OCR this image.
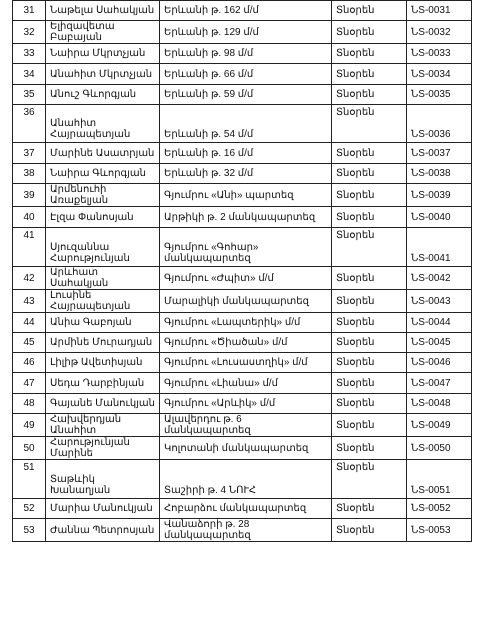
31	Նաթելա Սահակյան	Երևանի թ. 162 մ/մ	Տնօրեն	ՆS-0031

32	Ելիզավետա Բաբայան	Երևանի թ. 129 մ/մ	Տնօրեն	ՆS-0032

33	Նաիրա Մկրտչյան	Երևանի թ. 98 մ/մ	Տնօրեն	ՆS-0033

34	Անահիտ Մկրտչյան	Երևանի թ. 66 մ/մ	Տնօրեն	ՆS-0034

35	Անուշ Գևորգյան	Երևանի թ. 59 մ/մ	Տնօրեն	ՆS-0035

36	Անահիտ Հայրապետյան	Երևանի թ. 54 մ/մ	Տնօրեն	ՆS-0036

37	Մարինե Ասատրյան	Երևանի թ. 16 մ/մ	Տնօրեն	ՆS-0037

38	Նաիրա Գևորգյան	Երևանի թ. 32 մ/մ	Տնօրեն	ՆS-0038

39	Արմենուհի Առաքելյան	Գյումրու «Անի» պարտեզ	Տնօրեն	ՆS-0039

40	Էլզա Փանոսյան	Արթիկի թ. 2 մանկապարտեզ	Տնօրեն	ՆS-0040

41	Սյուզաննա Հարությունյան	Գյումրու «Գոհար» մանկապարտեզ	Տնօրեն	ՆS-0041

42	Արևհատ Սահակյան	Գյումրու «Ժպիտ» մ/մ	Տնօրեն	ՆS-0042

43	Լուսինե Հայրապետյան	Մարալիկի մանկապարտեզ	Տնօրեն	ՆS-0043

44	Անիա Գաբոյան	Գյումրու «Լապտերիկ» մ/մ	Տնօրեն	ՆS-0044

45	Արմինե Մուրադյան	Գյումրու «Ծիածան» մ/մ	Տնօրեն	ՆS-0045

46	Լիլիթ Ավետիսյան	Գյումրու «Լուսաստղիկ» մ/մ	Տնօրեն	ՆS-0046

47	Սեդա Դարբինյան	Գյումրու «Լիանա» մ/մ	Տնօրեն	ՆS-0047

48	Գայանե Մանուկյան	Գյումրու «Արևիկ» մ/մ	Տնօրեն	ՆS-0048

49	Հախվերդյան Անահիտ	Ալավերդու թ. 6 մանկապարտեզ	Տնօրեն	ՆS-0049

50	Հարությունյան Մարինե	Կոլոտանի մանկապարտեզ	Տնօրեն	ՆS-0050

51	Տաթևիկ Խանաղյան	Տաշիրի թ. 4 ՆՈՒՀ	Տնօրեն	ՆS-0051

52	Մարիա Մանուկյան	Հոբարձու մանկապարտեզ	Տնօրեն	ՆS-0052

53	Ժաննա Պետրոսյան	Վանաձորի թ. 28 մանկապարտեզ	Տնօրեն	ՆS-0053
